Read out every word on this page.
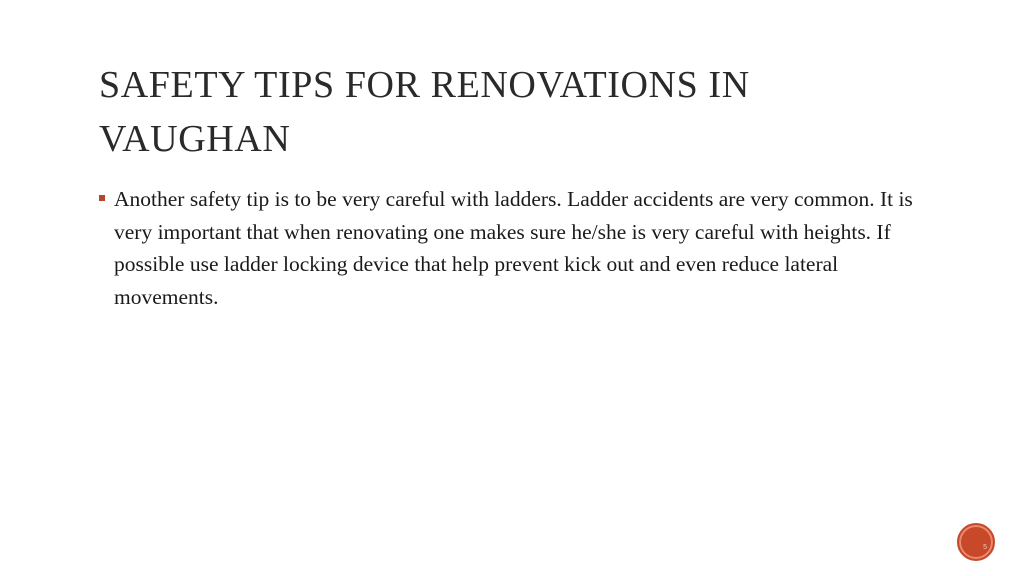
SAFETY TIPS FOR RENOVATIONS IN VAUGHAN
Another safety tip is to be very careful with ladders. Ladder accidents are very common. It is very important that when renovating one makes sure he/she is very careful with heights. If possible use ladder locking device that help prevent kick out and even reduce lateral movements.
5
